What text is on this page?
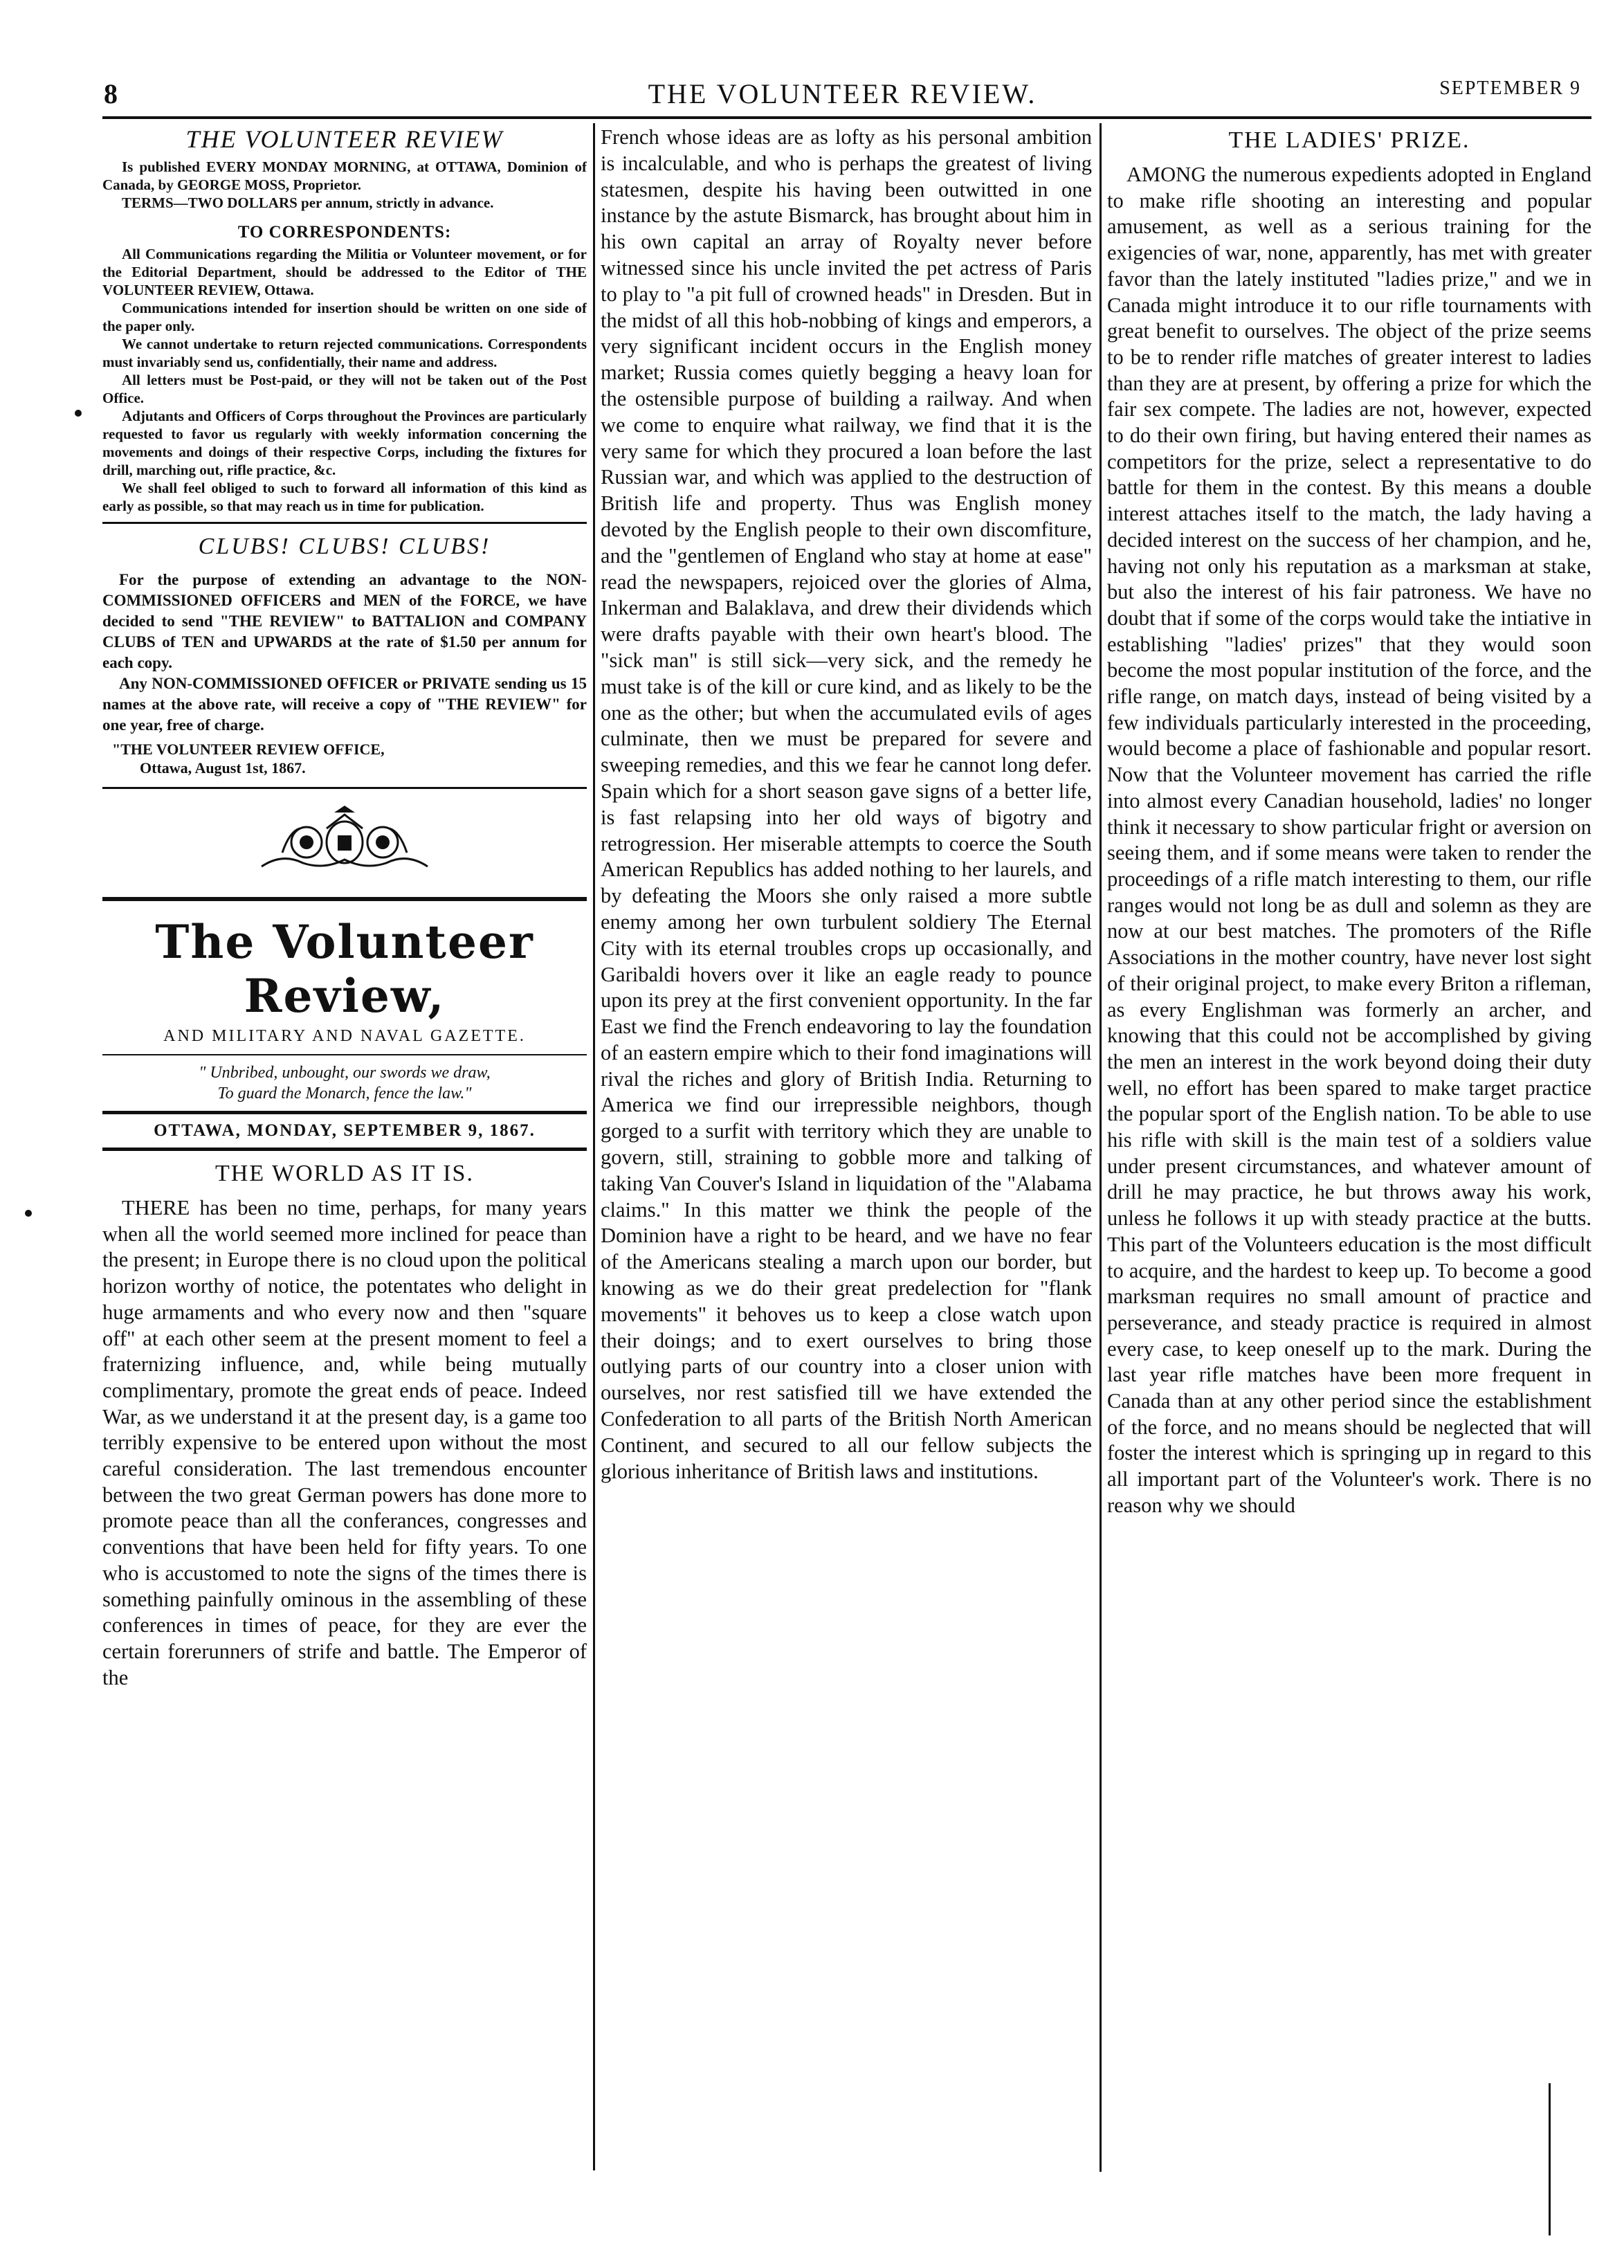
8	THE VOLUNTEER REVIEW.	SEPTEMBER 9
THE VOLUNTEER REVIEW

Is published EVERY MONDAY MORNING, at OTTAWA, Dominion of Canada, by GEORGE MOSS, Proprietor.

TERMS—TWO DOLLARS per annum, strictly in advance.

TO CORRESPONDENTS:

All Communications regarding the Militia or Volunteer movement, or for the Editorial Department, should be addressed to the Editor of THE VOLUNTEER REVIEW, Ottawa.

Communications intended for insertion should be written on one side of the paper only.

We cannot undertake to return rejected communications. Correspondents must invariably send us, confidentially, their name and address.

All letters must be Post-paid, or they will not be taken out of the Post Office.

Adjutants and Officers of Corps throughout the Provinces are particularly requested to favor us regularly with weekly information concerning the movements and doings of their respective Corps, including the fixtures for drill, marching out, rifle practice, &c.

We shall feel obliged to such to forward all information of this kind as early as possible, so that may reach us in time for publication.

CLUBS! CLUBS! CLUBS!

For the purpose of extending an advantage to the NON-COMMISSIONED OFFICERS and MEN of the FORCE, we have decided to send "THE REVIEW" to BATTALION and COMPANY CLUBS of TEN and UPWARDS at the rate of $1.50 per annum for each copy.

Any NON-COMMISSIONED OFFICER or PRIVATE sending us 15 names at the above rate, will receive a copy of "THE REVIEW" for one year, free of charge.

"THE VOLUNTEER REVIEW OFFICE,
Ottawa, August 1st, 1867.
The Volunteer Review,
AND MILITARY AND NAVAL GAZETTE.
" Unbribed, unbought, our swords we draw,
To guard the Monarch, fence the law."
OTTAWA, MONDAY, SEPTEMBER 9, 1867.
THE WORLD AS IT IS.

THERE has been no time, perhaps, for many years when all the world seemed more inclined for peace than the present; in Europe there is no cloud upon the political horizon worthy of notice, the potentates who delight in huge armaments and who every now and then "square off" at each other seem at the present moment to feel a fraternizing influence, and, while being mutually complimentary, promote the great ends of peace. Indeed War, as we understand it at the present day, is a game too terribly expensive to be entered upon without the most careful consideration. The last tremendous encounter between the two great German powers has done more to promote peace than all the conferances, congresses and conventions that have been held for fifty years. To one who is accustomed to note the signs of the times there is something painfully ominous in the assembling of these conferences in times of peace, for they are ever the certain forerunners of strife and battle. The Emperor of the

French whose ideas are as lofty as his personal ambition is incalculable, and who is perhaps the greatest of living statesmen, despite his having been outwitted in one instance by the astute Bismarck, has brought about him in his own capital an array of Royalty never before witnessed since his uncle invited the pet actress of Paris to play to "a pit full of crowned heads" in Dresden. But in the midst of all this hob-nobbing of kings and emperors, a very significant incident occurs in the English money market; Russia comes quietly begging a heavy loan for the ostensible purpose of building a railway. And when we come to enquire what railway, we find that it is the very same for which they procured a loan before the last Russian war, and which was applied to the destruction of British life and property. Thus was English money devoted by the English people to their own discomfiture, and the "gentlemen of England who stay at home at ease" read the newspapers, rejoiced over the glories of Alma, Inkerman and Balaklava, and drew their dividends which were drafts payable with their own heart's blood. The "sick man" is still sick—very sick, and the remedy he must take is of the kill or cure kind, and as likely to be the one as the other; but when the accumulated evils of ages culminate, then we must be prepared for severe and sweeping remedies, and this we fear he cannot long defer. Spain which for a short season gave signs of a better life, is fast relapsing into her old ways of bigotry and retrogression. Her miserable attempts to coerce the South American Republics has added nothing to her laurels, and by defeating the Moors she only raised a more subtle enemy among her own turbulent soldiery The Eternal City with its eternal troubles crops up occasionally, and Garibaldi hovers over it like an eagle ready to pounce upon its prey at the first convenient opportunity. In the far East we find the French endeavoring to lay the foundation of an eastern empire which to their fond imaginations will rival the riches and glory of British India. Returning to America we find our irrepressible neighbors, though gorged to a surfit with territory which they are unable to govern, still, straining to gobble more and talking of taking Van Couver's Island in liquidation of the "Alabama claims." In this matter we think the people of the Dominion have a right to be heard, and we have no fear of the Americans stealing a march upon our border, but knowing as we do their great predelection for "flank movements" it behoves us to keep a close watch upon their doings; and to exert ourselves to bring those outlying parts of our country into a closer union with ourselves, nor rest satisfied till we have extended the Confederation to all parts of the British North American Continent, and secured to all our fellow subjects the glorious inheritance of British laws and institutions.

THE LADIES' PRIZE.

AMONG the numerous expedients adopted in England to make rifle shooting an interesting and popular amusement, as well as a serious training for the exigencies of war, none, apparently, has met with greater favor than the lately instituted "ladies prize," and we in Canada might introduce it to our rifle tournaments with great benefit to ourselves. The object of the prize seems to be to render rifle matches of greater interest to ladies than they are at present, by offering a prize for which the fair sex compete. The ladies are not, however, expected to do their own firing, but having entered their names as competitors for the prize, select a representative to do battle for them in the contest. By this means a double interest attaches itself to the match, the lady having a decided interest on the success of her champion, and he, having not only his reputation as a marksman at stake, but also the interest of his fair patroness. We have no doubt that if some of the corps would take the intiative in establishing "ladies' prizes" that they would soon become the most popular institution of the force, and the rifle range, on match days, instead of being visited by a few individuals particularly interested in the proceeding, would become a place of fashionable and popular resort. Now that the Volunteer movement has carried the rifle into almost every Canadian household, ladies' no longer think it necessary to show particular fright or aversion on seeing them, and if some means were taken to render the proceedings of a rifle match interesting to them, our rifle ranges would not long be as dull and solemn as they are now at our best matches. The promoters of the Rifle Associations in the mother country, have never lost sight of their original project, to make every Briton a rifleman, as every Englishman was formerly an archer, and knowing that this could not be accomplished by giving the men an interest in the work beyond doing their duty well, no effort has been spared to make target practice the popular sport of the English nation. To be able to use his rifle with skill is the main test of a soldiers value under present circumstances, and whatever amount of drill he may practice, he but throws away his work, unless he follows it up with steady practice at the butts. This part of the Volunteers education is the most difficult to acquire, and the hardest to keep up. To become a good marksman requires no small amount of practice and perseverance, and steady practice is required in almost every case, to keep oneself up to the mark. During the last year rifle matches have been more frequent in Canada than at any other period since the establishment of the force, and no means should be neglected that will foster the interest which is springing up in regard to this all important part of the Volunteer's work. There is no reason why we should
